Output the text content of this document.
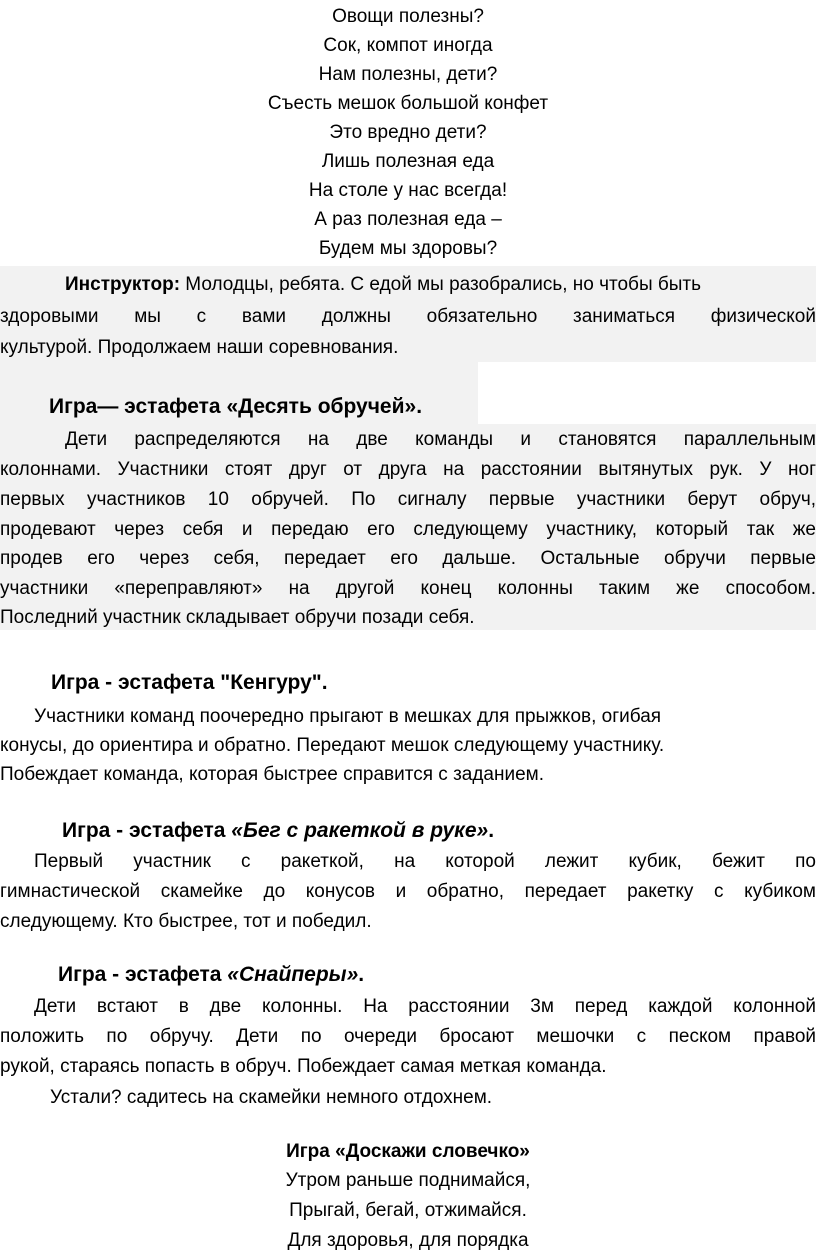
Овощи полезны?
Сок, компот иногда
Нам полезны, дети?
Съесть мешок большой конфет
Это вредно дети?
Лишь полезная еда
На столе у нас всегда!
А раз полезная еда –
Будем мы здоровы?
Инструктор: Молодцы, ребята. С едой мы разобрались, но чтобы быть
здоровыми мы с вами должны обязательно заниматься физической
культурой. Продолжаем наши соревнования.
Игра— эстафета «Десять обручей».
Дети распределяются на две команды и становятся параллельным
колоннами. Участники стоят друг от друга на расстоянии вытянутых рук. У ног
первых участников 10 обручей. По сигналу первые участники берут обруч,
продевают через себя и передаю его следующему участнику, который так же
продев его через себя, передает его дальше. Остальные обручи первые
участники «переправляют» на другой конец колонны таким же способом.
Последний участник складывает обручи позади себя.
Игра - эстафета "Кенгуру".
Участники команд поочередно прыгают в мешках для прыжков, огибая
конусы, до ориентира и обратно. Передают мешок следующему участнику.
Побеждает команда, которая быстрее справится с заданием.
Игра - эстафета «Бег с ракеткой в руке».
Первый участник с ракеткой, на которой лежит кубик, бежит по
гимнастической скамейке до конусов и обратно, передает ракетку с кубиком
следующему. Кто быстрее, тот и победил.
Игра - эстафета «Снайперы».
Дети встают в две колонны. На расстоянии 3м перед каждой колонной
положить по обручу. Дети по очереди бросают мешочки с песком правой
рукой, стараясь попасть в обруч. Побеждает самая меткая команда.
Устали? садитесь на скамейки немного отдохнем.
Игра «Доскажи словечко»
Утром раньше поднимайся,
Прыгай, бегай, отжимайся.
Для здоровья, для порядка
